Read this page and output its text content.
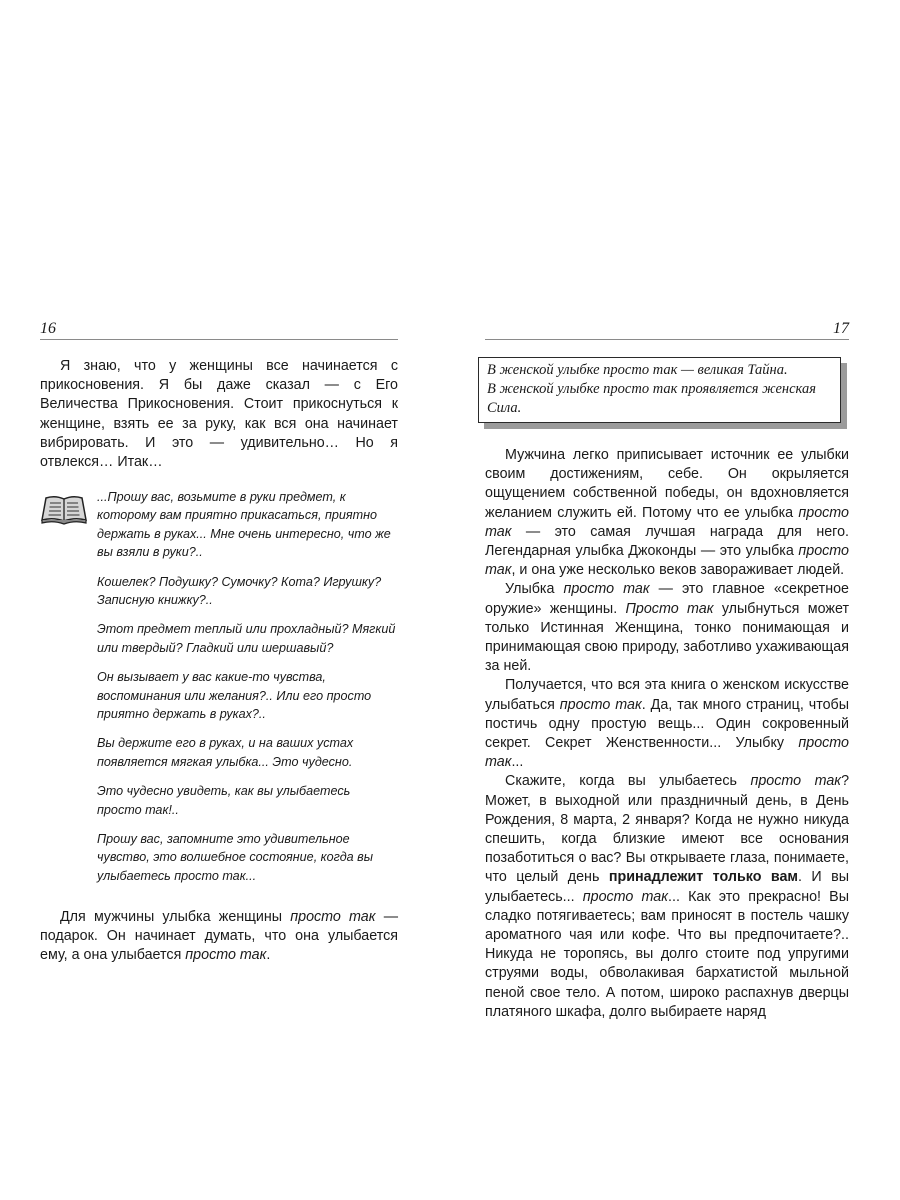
16

Я знаю, что у женщины все начинается с прикосновения. Я бы даже сказал — с Его Величества Прикосновения. Стоит прикоснуться к женщине, взять ее за руку, как вся она начинает вибрировать. И это — удивительно… Но я отвлекся… Итак…

...Прошу вас, возьмите в руки предмет, к которому вам приятно прикасаться, приятно держать в руках... Мне очень интересно, что же вы взяли в руки?..

Кошелек? Подушку? Сумочку? Кота? Игрушку? Записную книжку?..

Этот предмет теплый или прохладный? Мягкий или твердый? Гладкий или шершавый?

Он вызывает у вас какие-то чувства, воспоминания или желания?.. Или его просто приятно держать в руках?..

Вы держите его в руках, и на ваших устах появляется мягкая улыбка... Это чудесно.

Это чудесно увидеть, как вы улыбаетесь просто так!..

Прошу вас, запомните это удивительное чувство, это волшебное состояние, когда вы улыбаетесь просто так...

Для мужчины улыбка женщины просто так — подарок. Он начинает думать, что она улыбается ему, а она улыбается просто так.

17

В женской улыбке просто так — великая Тайна.

В женской улыбке просто так проявляется женская Сила.

Мужчина легко приписывает источник ее улыбки своим достижениям, себе. Он окрыляется ощущением собственной победы, он вдохновляется желанием служить ей. Потому что ее улыбка просто так — это самая лучшая награда для него. Легендарная улыбка Джоконды — это улыбка просто так, и она уже несколько веков завораживает людей.

Улыбка просто так — это главное «секретное оружие» женщины. Просто так улыбнуться может только Истинная Женщина, тонко понимающая и принимающая свою природу, заботливо ухаживающая за ней.

Получается, что вся эта книга о женском искусстве улыбаться просто так. Да, так много страниц, чтобы постичь одну простую вещь... Один сокровенный секрет. Секрет Женственности... Улыбку просто так...

Скажите, когда вы улыбаетесь просто так? Может, в выходной или праздничный день, в День Рождения, 8 марта, 2 января? Когда не нужно никуда спешить, когда близкие имеют все основания позаботиться о вас? Вы открываете глаза, понимаете, что целый день принадлежит только вам. И вы улыбаетесь... просто так... Как это прекрасно! Вы сладко потягиваетесь; вам приносят в постель чашку ароматного чая или кофе. Что вы предпочитаете?.. Никуда не торопясь, вы долго стоите под упругими струями воды, обволакивая бархатистой мыльной пеной свое тело. А потом, широко распахнув дверцы платяного шкафа, долго выбираете наряд
